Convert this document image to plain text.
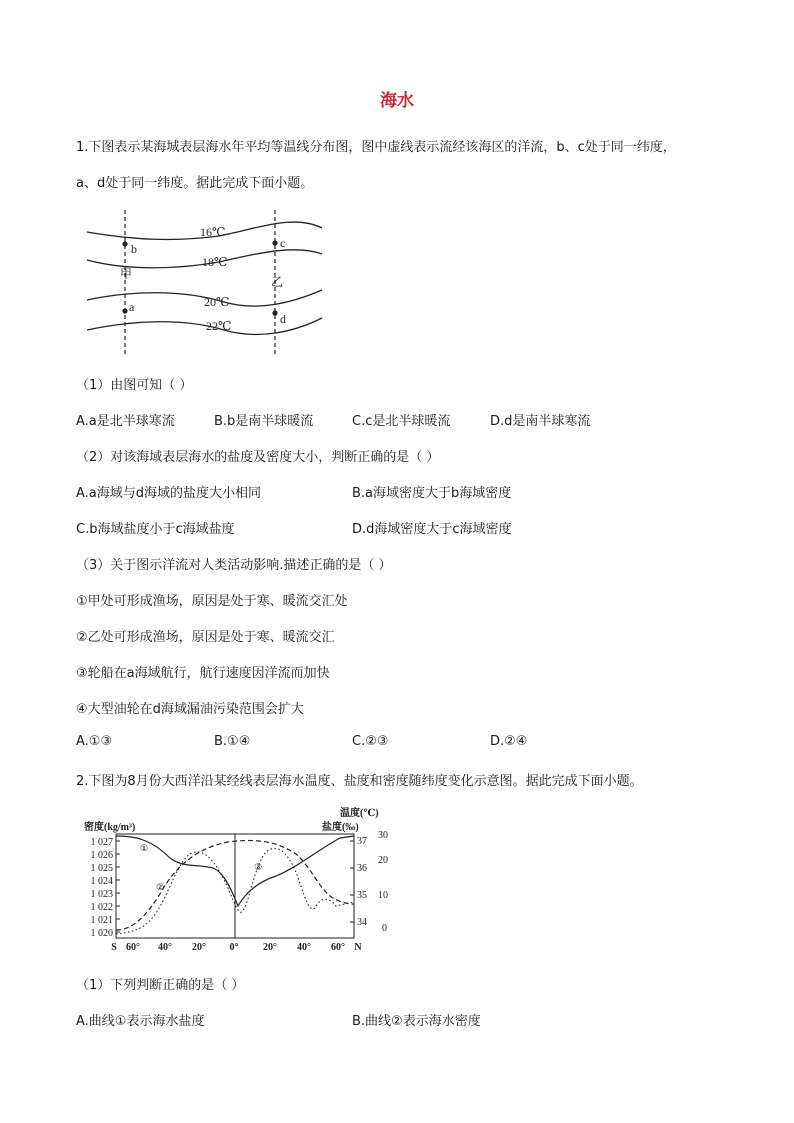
海水
1.下图表示某海城表层海水年平均等温线分布图，图中虚线表示流经该海区的洋流，b、c处于同一纬度，
a、d处于同一纬度。据此完成下面小题。
16℃
18℃
20℃
22℃
b	c
a
d
甲
乙
（1）由图可知（ ）
A.a是北半球寒流	B.b是南半球暖流	C.c是北半球暖流	D.d是南半球寒流
（2）对该海域表层海水的盐度及密度大小，判断正确的是（ ）
A.a海域与d海域的盐度大小相同	B.a海域密度大于b海域密度
C.b海域盐度小于c海域盐度	D.d海域密度大于c海域密度
（3）关于图示洋流对人类活动影响.描述正确的是（ ）
①甲处可形成渔场，原因是处于寒、暖流交汇处
②乙处可形成渔场，原因是处于寒、暖流交汇
③轮船在a海域航行，航行速度因洋流而加快
④大型油轮在d海域漏油污染范围会扩大
A.①③	B.①④	C.②③	D.②④
2.下图为8月份大西洋沿某经线表层海水温度、盐度和密度随纬度变化示意图。据此完成下面小题。
密度(kg/m³)
温度(℃)
盐度(‰)
1 027
1 026
1 025
1 024
1 023
1 022
1 021
1 020
37
36
35
34
30
20
10
0
S 60° 40° 20° 0° 20° 40° 60° N
①
②
③
（1）下列判断正确的是（ ）
A.曲线①表示海水盐度	B.曲线②表示海水密度
